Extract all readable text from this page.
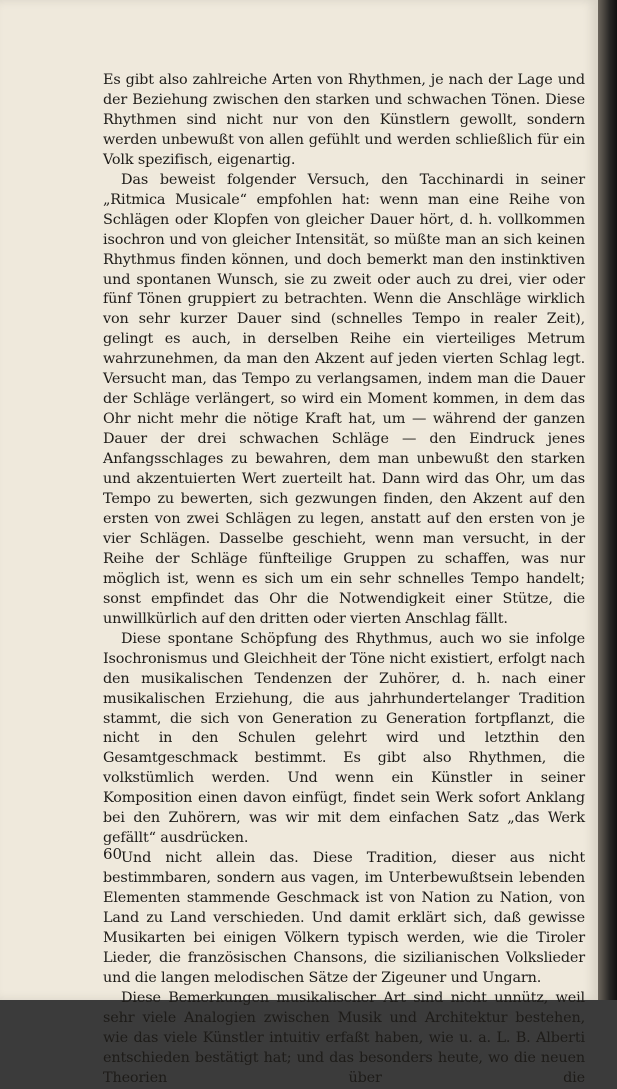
Es gibt also zahlreiche Arten von Rhythmen, je nach der Lage und der Beziehung zwischen den starken und schwachen Tönen. Diese Rhythmen sind nicht nur von den Künstlern gewollt, sondern werden unbewußt von allen gefühlt und werden schließlich für ein Volk spezifisch, eigenartig.

Das beweist folgender Versuch, den Tacchinardi in seiner „Ritmica Musicale“ empfohlen hat: wenn man eine Reihe von Schlägen oder Klopfen von gleicher Dauer hört, d. h. vollkommen isochron und von gleicher Intensität, so müßte man an sich keinen Rhythmus finden können, und doch bemerkt man den instinktiven und spontanen Wunsch, sie zu zweit oder auch zu drei, vier oder fünf Tönen gruppiert zu betrachten. Wenn die Anschläge wirklich von sehr kurzer Dauer sind (schnelles Tempo in realer Zeit), gelingt es auch, in derselben Reihe ein vierteiliges Metrum wahrzunehmen, da man den Akzent auf jeden vierten Schlag legt. Versucht man, das Tempo zu verlangsamen, indem man die Dauer der Schläge verlängert, so wird ein Moment kommen, in dem das Ohr nicht mehr die nötige Kraft hat, um — während der ganzen Dauer der drei schwachen Schläge — den Eindruck jenes Anfangsschlages zu bewahren, dem man unbewußt den starken und akzentuierten Wert zuerteilt hat. Dann wird das Ohr, um das Tempo zu bewerten, sich gezwungen finden, den Akzent auf den ersten von zwei Schlägen zu legen, anstatt auf den ersten von je vier Schlägen. Dasselbe geschieht, wenn man versucht, in der Reihe der Schläge fünfteilige Gruppen zu schaffen, was nur möglich ist, wenn es sich um ein sehr schnelles Tempo handelt; sonst empfindet das Ohr die Notwendigkeit einer Stütze, die unwillkürlich auf den dritten oder vierten Anschlag fällt.

Diese spontane Schöpfung des Rhythmus, auch wo sie infolge Isochronismus und Gleichheit der Töne nicht existiert, erfolgt nach den musikalischen Tendenzen der Zuhörer, d. h. nach einer musikalischen Erziehung, die aus jahrhundertelanger Tradition stammt, die sich von Generation zu Generation fortpflanzt, die nicht in den Schulen gelehrt wird und letzthin den Gesamtgeschmack bestimmt. Es gibt also Rhythmen, die volkstümlich werden. Und wenn ein Künstler in seiner Komposition einen davon einfügt, findet sein Werk sofort Anklang bei den Zuhörern, was wir mit dem einfachen Satz „das Werk gefällt“ ausdrücken.

Und nicht allein das. Diese Tradition, dieser aus nicht bestimmbaren, sondern aus vagen, im Unterbewußtsein lebenden Elementen stammende Geschmack ist von Nation zu Nation, von Land zu Land verschieden. Und damit erklärt sich, daß gewisse Musikarten bei einigen Völkern typisch werden, wie die Tiroler Lieder, die französischen Chansons, die sizilianischen Volkslieder und die langen melodischen Sätze der Zigeuner und Ungarn.

Diese Bemerkungen musikalischer Art sind nicht unnütz, weil sehr viele Analogien zwischen Musik und Architektur bestehen, wie das viele Künstler intuitiv erfaßt haben, wie u. a. L. B. Alberti entschieden bestätigt hat; und das besonders heute, wo die neuen Theorien über die

60
